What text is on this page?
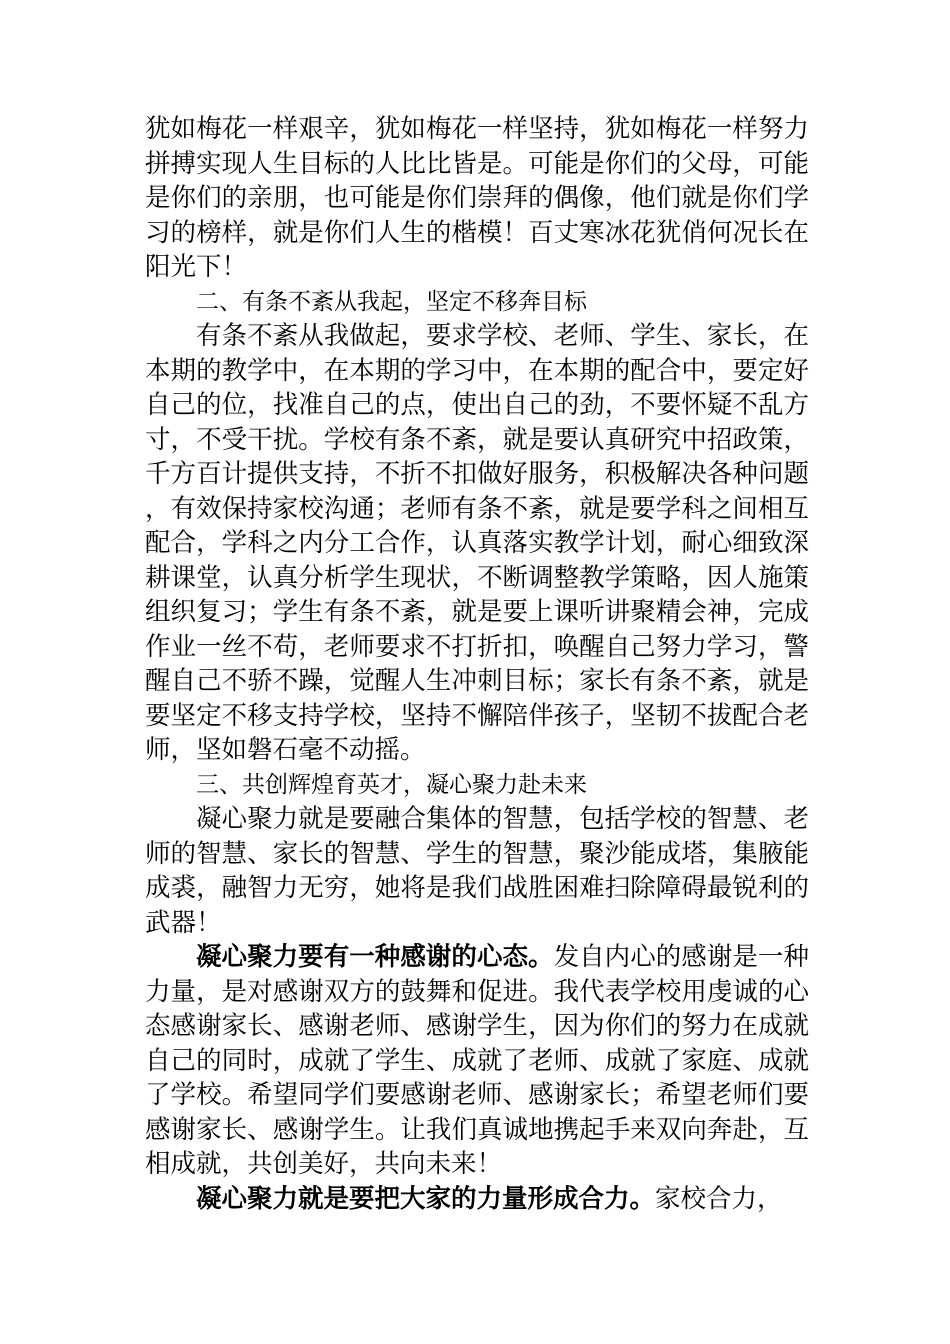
犹如梅花一样艰辛，犹如梅花一样坚持，犹如梅花一样努力拼搏实现人生目标的人比比皆是。可能是你们的父母，可能是你们的亲朋，也可能是你们崇拜的偶像，他们就是你们学习的榜样，就是你们人生的楷模！百丈寒冰花犹俏何况长在阳光下！

二、有条不紊从我起，坚定不移奔目标

有条不紊从我做起，要求学校、老师、学生、家长，在本期的教学中，在本期的学习中，在本期的配合中，要定好自己的位，找准自己的点，使出自己的劲，不要怀疑不乱方寸，不受干扰。学校有条不紊，就是要认真研究中招政策，千方百计提供支持，不折不扣做好服务，积极解决各种问题，有效保持家校沟通；老师有条不紊，就是要学科之间相互配合，学科之内分工合作，认真落实教学计划，耐心细致深耕课堂，认真分析学生现状，不断调整教学策略，因人施策组织复习；学生有条不紊，就是要上课听讲聚精会神，完成作业一丝不苟，老师要求不打折扣，唤醒自己努力学习，警醒自己不骄不躁，觉醒人生冲刺目标；家长有条不紊，就是要坚定不移支持学校，坚持不懈陪伴孩子，坚韧不拔配合老师，坚如磐石毫不动摇。

三、共创辉煌育英才，凝心聚力赴未来

凝心聚力就是要融合集体的智慧，包括学校的智慧、老师的智慧、家长的智慧、学生的智慧，聚沙能成塔，集腋能成裘，融智力无穷，她将是我们战胜困难扫除障碍最锐利的武器！

凝心聚力要有一种感谢的心态。发自内心的感谢是一种力量，是对感谢双方的鼓舞和促进。我代表学校用虔诚的心态感谢家长、感谢老师、感谢学生，因为你们的努力在成就自己的同时，成就了学生、成就了老师、成就了家庭、成就了学校。希望同学们要感谢老师、感谢家长；希望老师们要感谢家长、感谢学生。让我们真诚地携起手来双向奔赴，互相成就，共创美好，共向未来！

凝心聚力就是要把大家的力量形成合力。家校合力，
